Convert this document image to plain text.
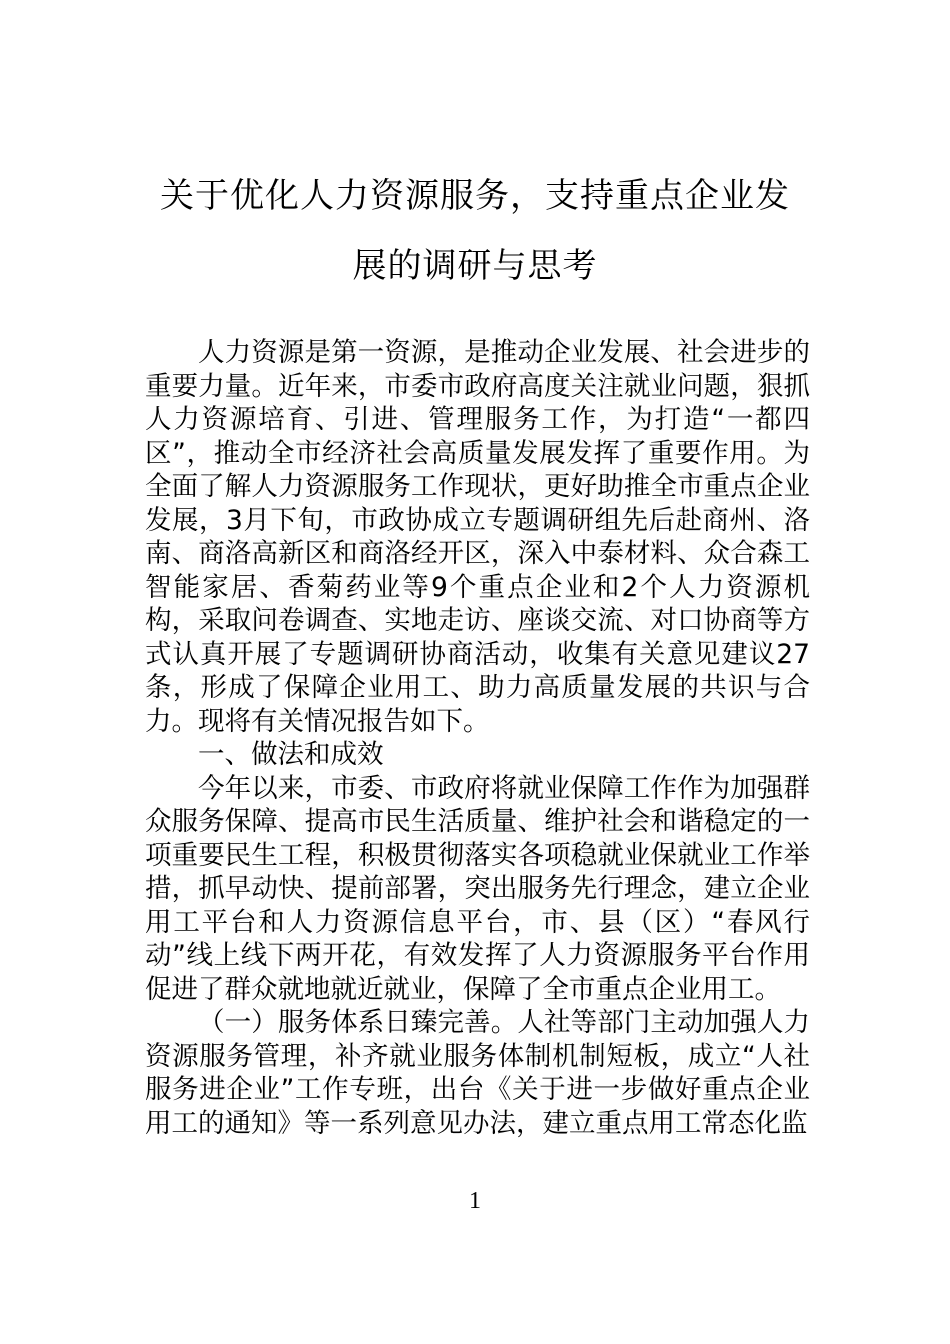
关于优化人力资源服务，支持重点企业发
展的调研与思考

人力资源是第一资源，是推动企业发展、社会进步的重要力量。近年来，市委市政府高度关注就业问题，狠抓人力资源培育、引进、管理服务工作，为打造“一都四区”，推动全市经济社会高质量发展发挥了重要作用。为全面了解人力资源服务工作现状，更好助推全市重点企业发展，3月下旬，市政协成立专题调研组先后赴商州、洛南、商洛高新区和商洛经开区，深入中泰材料、众合森工智能家居、香菊药业等9个重点企业和2个人力资源机构，采取问卷调查、实地走访、座谈交流、对口协商等方式认真开展了专题调研协商活动，收集有关意见建议27条，形成了保障企业用工、助力高质量发展的共识与合力。现将有关情况报告如下。

一、做法和成效

今年以来，市委、市政府将就业保障工作作为加强群众服务保障、提高市民生活质量、维护社会和谐稳定的一项重要民生工程，积极贯彻落实各项稳就业保就业工作举措，抓早动快、提前部署，突出服务先行理念，建立企业用工平台和人力资源信息平台，市、县（区）“春风行动”线上线下两开花，有效发挥了人力资源服务平台作用促进了群众就地就近就业，保障了全市重点企业用工。

（一）服务体系日臻完善。人社等部门主动加强人力资源服务管理，补齐就业服务体制机制短板，成立“人社服务进企业”工作专班，出台《关于进一步做好重点企业用工的通知》等一系列意见办法，建立重点用工常态化监

1
